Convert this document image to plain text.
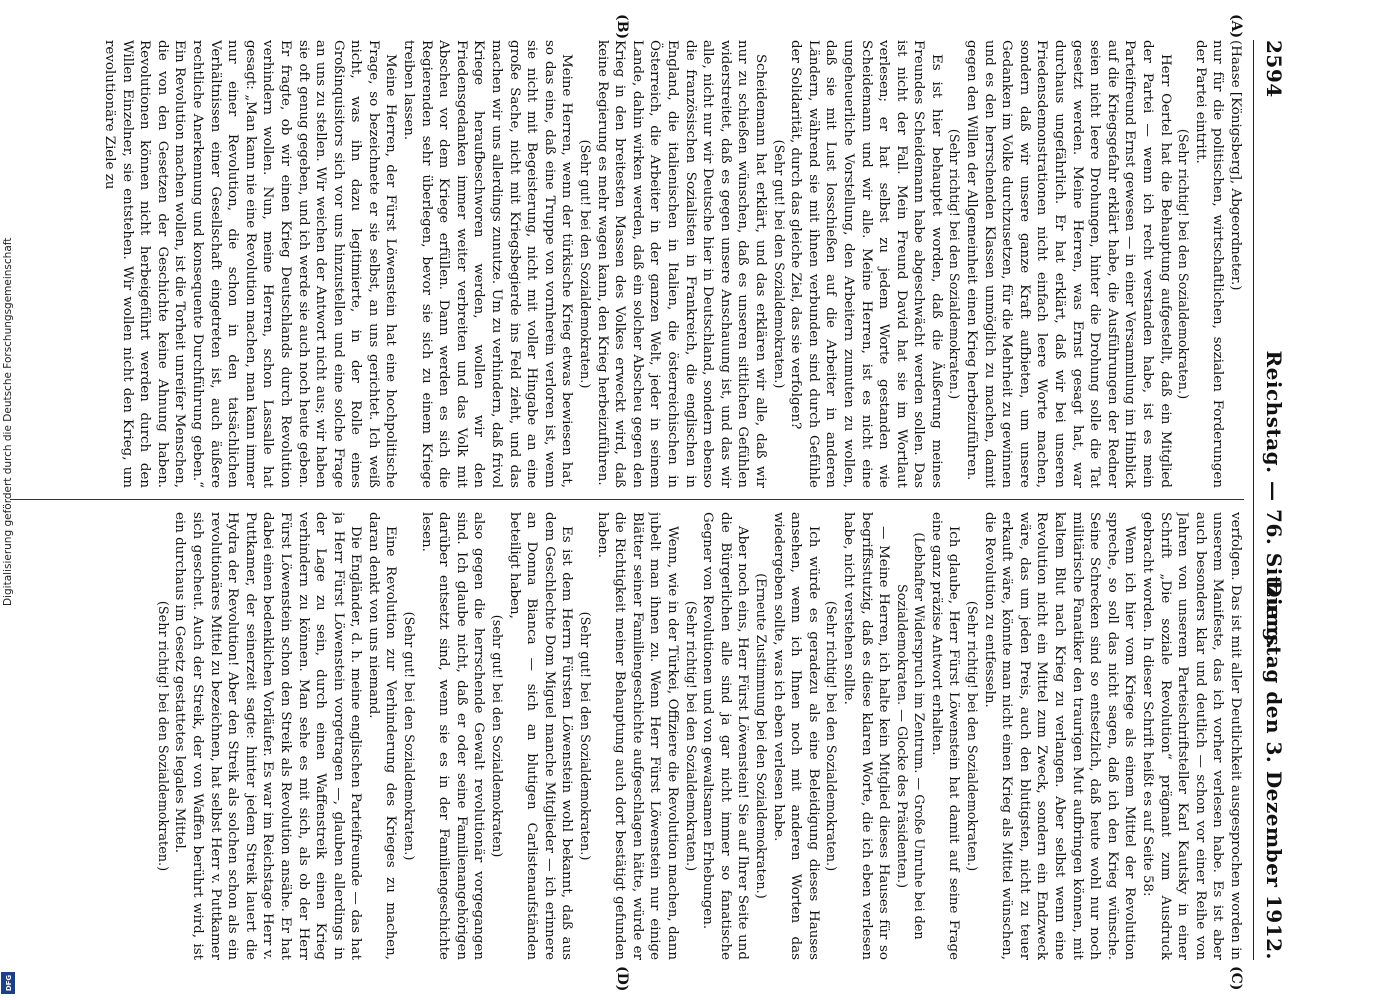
2594
Reichstag. — 76. Sitzung.
Dienstag den 3. Dezember 1912.
(A)
(B)
(C)
(D)

(Haase [Königsberg], Abgeordneter.)

nur für die politischen, wirtschaftlichen, sozialen Forderungen der Partei eintritt.

(Sehr richtig! bei den Sozialdemokraten.)

Herr Oertel hat die Behauptung aufgestellt, daß ein Mitglied der Partei — wenn ich recht verstanden habe, ist es mein Parteifreund Ernst gewesen — in einer Versammlung im Hinblick auf die Kriegsgefahr erklärt habe, die Ausführungen der Redner seien nicht leere Drohungen, hinter die Drohung solle die Tat gesetzt werden. Meine Herren, was Ernst gesagt hat, war durchaus ungefährlich. Er hat erklärt, daß wir bei unseren Friedensdemonstrationen nicht einfach leere Worte machen, sondern daß wir unsere ganze Kraft aufbieten, um unsere Gedanken im Volke durchzusetzen, für die Mehrheit zu gewinnen und es den herrschenden Klassen unmöglich zu machen, damit gegen den Willen der Allgemeinheit einen Krieg herbeizuführen.

(Sehr richtig! bei den Sozialdemokraten.)

Es ist hier behauptet worden, daß die Äußerung meines Freundes Scheidemann habe abgeschwächt werden sollen. Das ist nicht der Fall. Mein Freund David hat sie im Wortlaut verlesen; er hat selbst zu jedem Worte gestanden wie Scheidemann und wir alle. Meine Herren, ist es nicht eine ungeheuerliche Vorstellung, den Arbeitern zumuten zu wollen, daß sie mit Lust losschießen auf die Arbeiter in anderen Ländern, während sie mit ihnen verbunden sind durch Gefühle der Solidarität, durch das gleiche Ziel, das sie verfolgen?

(Sehr gut! bei den Sozialdemokraten.)

Scheidemann hat erklärt, und das erklären wir alle, daß wir nur zu schießen wünschen, daß es unseren sittlichen Gefühlen widerstreitet, daß es gegen unsere Anschauung ist, und das wir alle, nicht nur wir Deutsche hier in Deutschland, sondern ebenso die französischen Sozialisten in Frankreich, die englischen in England, die italienischen in Italien, die österreichischen in Österreich, die Arbeiter in der ganzen Welt, jeder in seinem Lande, dahin wirken werden, daß ein solcher Abscheu gegen den Krieg in den breitesten Massen des Volkes erweckt wird, daß keine Regierung es mehr wagen kann, den Krieg herbeizuführen.

(Sehr gut! bei den Sozialdemokraten.)

Meine Herren, wenn der türkische Krieg etwas bewiesen hat, so das eine, daß eine Truppe von vornherein verloren ist, wenn sie nicht mit Begeisterung, nicht mit voller Hingabe an eine große Sache, nicht mit Kriegsbegierde ins Feld zieht, und das machen wir uns allerdings zunutze. Um zu verhindern, daß frivol Kriege heraufbeschworen werden, wollen wir den Friedensgedanken immer weiter verbreiten und das Volk mit Abscheu vor dem Kriege erfüllen. Dann werden es sich die Regierenden sehr überlegen, bevor sie sich zu einem Kriege treiben lassen.

Meine Herren, der Fürst Löwenstein hat eine hochpolitische Frage, so bezeichnete er sie selbst, an uns gerichtet. Ich weiß nicht, was ihn dazu legitimierte, in der Rolle eines Großinquisitors sich vor uns hinzustellen und eine solche Frage an uns zu stellen. Wir weichen der Antwort nicht aus; wir haben sie oft genug gegeben, und ich werde sie auch noch heute geben. Er fragte, ob wir einen Krieg Deutschlands durch Revolution verhindern wollen. Nun, meine Herren, schon Lassalle hat gesagt: „Man kann nie eine Revolution machen, man kann immer nur einer Revolution, die schon in den tatsächlichen Verhältnissen einer Gesellschaft eingetreten ist, auch äußere rechtliche Anerkennung und konsequente Durchführung geben.“ Ein Revolution machen wollen, ist die Torheit unreifer Menschen, die von den Gesetzen der Geschichte keine Ahnung haben. Revolutionen können nicht herbeigeführt werden durch den Willen Einzelner, sie entstehen. Wir wollen nicht den Krieg, um revolutionäre Ziele zu

verfolgen. Das ist mit aller Deutlichkeit ausgesprochen worden in unserem Manifeste, das ich vorher verlesen habe. Es ist aber auch besonders klar und deutlich — schon vor einer Reihe von Jahren von unserem Parteischriftsteller Karl Kautsky in einer Schrift „Die soziale Revolution“ prägnant zum Ausdruck gebracht worden. In dieser Schrift heißt es auf Seite 58:

Wenn ich hier vom Kriege als einem Mittel der Revolution spreche, so soll das nicht sagen, daß ich den Krieg wünsche. Seine Schrecken sind so entsetzlich, daß heute wohl nur noch militärische Fanatiker den traurigen Mut aufbringen können, mit kaltem Blut nach Krieg zu verlangen. Aber selbst wenn eine Revolution nicht ein Mittel zum Zweck, sondern ein Endzweck wäre, das um jeden Preis, auch den blutigsten, nicht zu teuer erkauft wäre, könnte man nicht einen Krieg als Mittel wünschen, die Revolution zu entfesseln.

(Sehr richtig! bei den Sozialdemokraten.)

Ich glaube, Herr Fürst Löwenstein hat damit auf seine Frage eine ganz präzise Antwort erhalten.

(Lebhafter Widerspruch im Zentrum. — Große Unruhe bei den Sozialdemokraten. — Glocke des Präsidenten.)

— Meine Herren, ich halte kein Mitglied dieses Hauses für so begriffsstutzig, daß es diese klaren Worte, die ich eben verlesen habe, nicht verstehen sollte.

(Sehr richtig! bei den Sozialdemokraten.)

Ich würde es geradezu als eine Beleidigung dieses Hauses ansehen, wenn ich Ihnen noch mit anderen Worten das wiedergeben sollte, was ich eben verlesen habe.

(Erneute Zustimmung bei den Sozialdemokraten.)

Aber noch eins, Herr Fürst Löwenstein! Sie auf Ihrer Seite und die Bürgerlichen alle sind ja gar nicht immer so fanatische Gegner von Revolutionen und von gewaltsamen Erhebungen.

(Sehr richtig! bei den Sozialdemokraten.)

Wenn, wie in der Türkei, Offiziere die Revolution machen, dann jubelt man ihnen zu. Wenn Herr Fürst Löwenstein nur einige Blätter seiner Familiengeschichte aufgeschlagen hätte, würde er die Richtigkeit meiner Behauptung auch dort bestätigt gefunden haben.

(Sehr gut! bei den Sozialdemokraten.)

Es ist dem Herrn Fürsten Löwenstein wohl bekannt, daß aus dem Geschlechte Dom Miguel manche Mitglieder — ich erinnere an Donna Bianca — sich an blutigen Carlistenaufständen beteiligt haben,

(sehr gut! bei den Sozialdemokraten)

also gegen die herrschende Gewalt revolutionär vorgegangen sind. Ich glaube nicht, daß er oder seine Familienangehörigen darüber entsetzt sind, wenn sie es in der Familiengeschichte lesen.

(Sehr gut! bei den Sozialdemokraten.)

Eine Revolution zur Verhinderung des Krieges zu machen, daran denkt von uns niemand.

Die Engländer, d. h. meine englischen Parteifreunde — das hat ja Herr Fürst Löwenstein vorgetragen —, glauben allerdings in der Lage zu sein, durch einen Waffenstreik einen Krieg verhindern zu können. Man sehe es mit sich, als ob der Herr Fürst Löwenstein schon den Streik als Revolution ansähe. Er hat dabei einen bedenklichen Vorläufer. Es war im Reichstage Herr v. Puttkamer, der seinerzeit sagte: hinter jedem Streik lauert die Hydra der Revolution! Aber den Streik als solchen schon als ein revolutionäres Mittel zu bezeichnen, hat selbst Herr v. Puttkamer sich gescheut. Auch der Streik, der von Waffen berührt wird, ist ein durchaus im Gesetz gestattetes legales Mittel.

(Sehr richtig! bei den Sozialdemokraten.)

Digitalisierung gefördert durch die Deutsche Forschungsgemeinschaft
DFG
